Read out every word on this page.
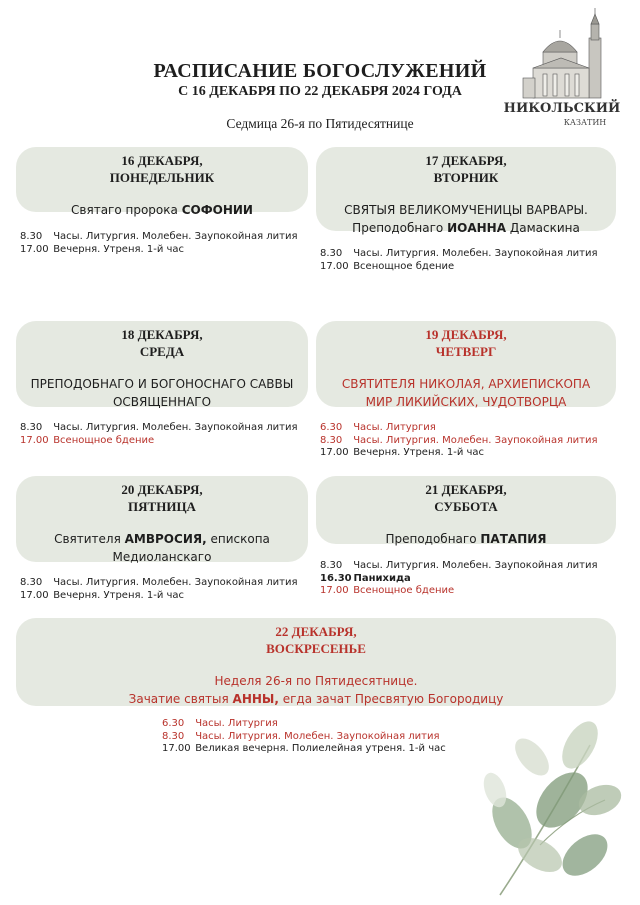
РАСПИСАНИЕ БОГОСЛУЖЕНИЙ
С 16 ДЕКАБРЯ ПО 22 ДЕКАБРЯ 2024 ГОДА
Седмица 26-я по Пятидесятнице
НИКОЛЬСКИЙ
КАЗАТИН
16 ДЕКАБРЯ,
ПОНЕДЕЛЬНИК
Святаго пророка СОФОНИИ
8.30 Часы. Литургия. Молебен. Заупокойная лития
17.00 Вечерня. Утреня. 1-й час
17 ДЕКАБРЯ,
ВТОРНИК
СВЯТЫЯ ВЕЛИКОМУЧЕНИЦЫ ВАРВАРЫ.
Преподобнаго ИОАННА Дамаскина
8.30 Часы. Литургия. Молебен. Заупокойная лития
17.00 Всенощное бдение
18 ДЕКАБРЯ,
СРЕДА
ПРЕПОДОБНАГО И БОГОНОСНАГО САВВЫ
ОСВЯЩЕННАГО
8.30 Часы. Литургия. Молебен. Заупокойная лития
17.00 Всенощное бдение
19 ДЕКАБРЯ,
ЧЕТВЕРГ
СВЯТИТЕЛЯ НИКОЛАЯ, АРХИЕПИСКОПА
МИР ЛИКИЙСКИХ, ЧУДОТВОРЦА
6.30 Часы. Литургия
8.30 Часы. Литургия. Молебен. Заупокойная лития
17.00 Вечерня. Утреня. 1-й час
20 ДЕКАБРЯ,
ПЯТНИЦА
Святителя АМВРОСИЯ, епископа
Медиоланскаго
8.30 Часы. Литургия. Молебен. Заупокойная лития
17.00 Вечерня. Утреня. 1-й час
21 ДЕКАБРЯ,
СУББОТА
Преподобнаго ПАТАПИЯ
8.30 Часы. Литургия. Молебен. Заупокойная лития
16.30 Панихида
17.00 Всенощное бдение
22 ДЕКАБРЯ,
ВОСКРЕСЕНЬЕ
Неделя 26-я по Пятидесятнице.
Зачатие святыя АННЫ, егда зачат Пресвятую Богородицу
6.30 Часы. Литургия
8.30 Часы. Литургия. Молебен. Заупокойная лития
17.00 Великая вечерня. Полиелейная утреня. 1-й час
